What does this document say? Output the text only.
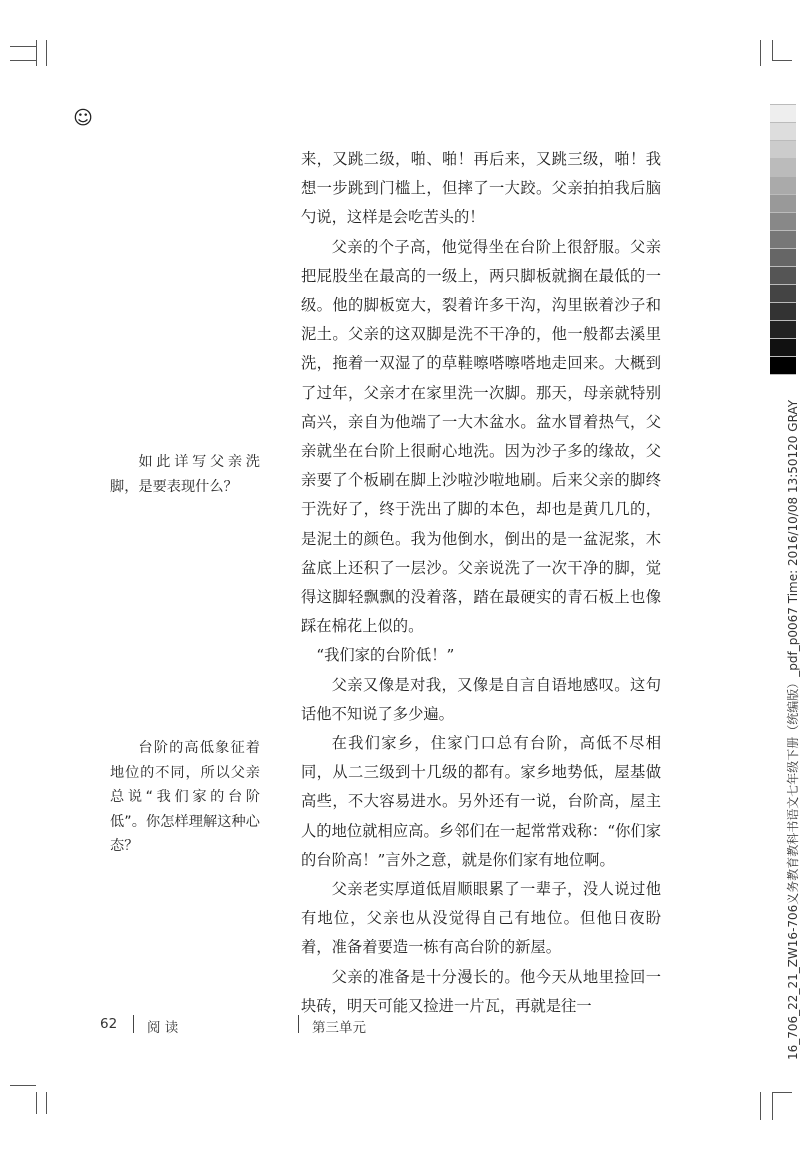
☺

来，又跳二级，啪、啪！再后来，又跳三级，啪！我想一步跳到门槛上，但摔了一大跤。父亲拍拍我后脑勺说，这样是会吃苦头的！

父亲的个子高，他觉得坐在台阶上很舒服。父亲把屁股坐在最高的一级上，两只脚板就搁在最低的一级。他的脚板宽大，裂着许多干沟，沟里嵌着沙子和泥土。父亲的这双脚是洗不干净的，他一般都去溪里洗，拖着一双湿了的草鞋嚓嗒嚓嗒地走回来。大概到了过年，父亲才在家里洗一次脚。那天，母亲就特别高兴，亲自为他端了一大木盆水。盆水冒着热气，父亲就坐在台阶上很耐心地洗。因为沙子多的缘故，父亲要了个板刷在脚上沙啦沙啦地刷。后来父亲的脚终于洗好了，终于洗出了脚的本色，却也是黄几几的，是泥土的颜色。我为他倒水，倒出的是一盆泥浆，木盆底上还积了一层沙。父亲说洗了一次干净的脚，觉得这脚轻飘飘的没着落，踏在最硬实的青石板上也像踩在棉花上似的。

“我们家的台阶低！”

父亲又像是对我，又像是自言自语地感叹。这句话他不知说了多少遍。

在我们家乡，住家门口总有台阶，高低不尽相同，从二三级到十几级的都有。家乡地势低，屋基做高些，不大容易进水。另外还有一说，台阶高，屋主人的地位就相应高。乡邻们在一起常常戏称：“你们家的台阶高！”言外之意，就是你们家有地位啊。

父亲老实厚道低眉顺眼累了一辈子，没人说过他有地位，父亲也从没觉得自己有地位。但他日夜盼着，准备着要造一栋有高台阶的新屋。

父亲的准备是十分漫长的。他今天从地里捡回一块砖，明天可能又捡进一片瓦，再就是往一

如此详写父亲洗脚，是要表现什么？

台阶的高低象征着地位的不同，所以父亲总说“我们家的台阶低”。你怎样理解这种心态？

62 阅 读	第三单元	16_706_22_21_ZW16-706义务教育教科书语文七年级下册（统编版）_pdf_p0067 Time: 2016/10/08 13:50120 GRAY
